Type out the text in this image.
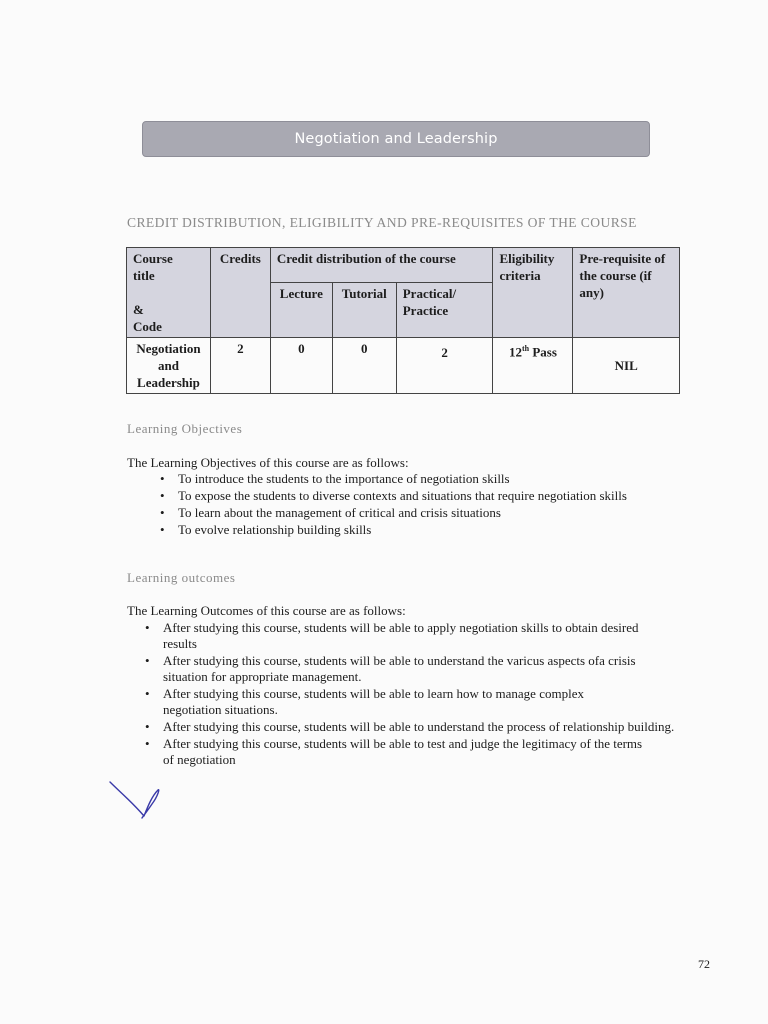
Negotiation and Leadership
CREDIT DISTRIBUTION, ELIGIBILITY AND PRE-REQUISITES OF THE COURSE
Course title
&
Code	Credits	Credit distribution of the course			Eligibility criteria	Pre-requisite of the course (if any)
		Lecture	Tutorial	Practical/ Practice		

Negotiation and Leadership	2	0	0	2	12th Pass	NIL
Learning Objectives
The Learning Objectives of this course are as follows:
• To introduce the students to the importance of negotiation skills
• To expose the students to diverse contexts and situations that require negotiation skills
• To learn about the management of critical and crisis situations
• To evolve relationship building skills
Learning outcomes
The Learning Outcomes of this course are as follows:
• After studying this course, students will be able to apply negotiation skills to obtain desired results
• After studying this course, students will be able to understand the varicus aspects ofa crisis situation for appropriate management.
• After studying this course, students will be able to learn how to manage complex negotiation situations.
• After studying this course, students will be able to understand the process of relationship building.
• After studying this course, students will be able to test and judge the legitimacy of the terms of negotiation
72
